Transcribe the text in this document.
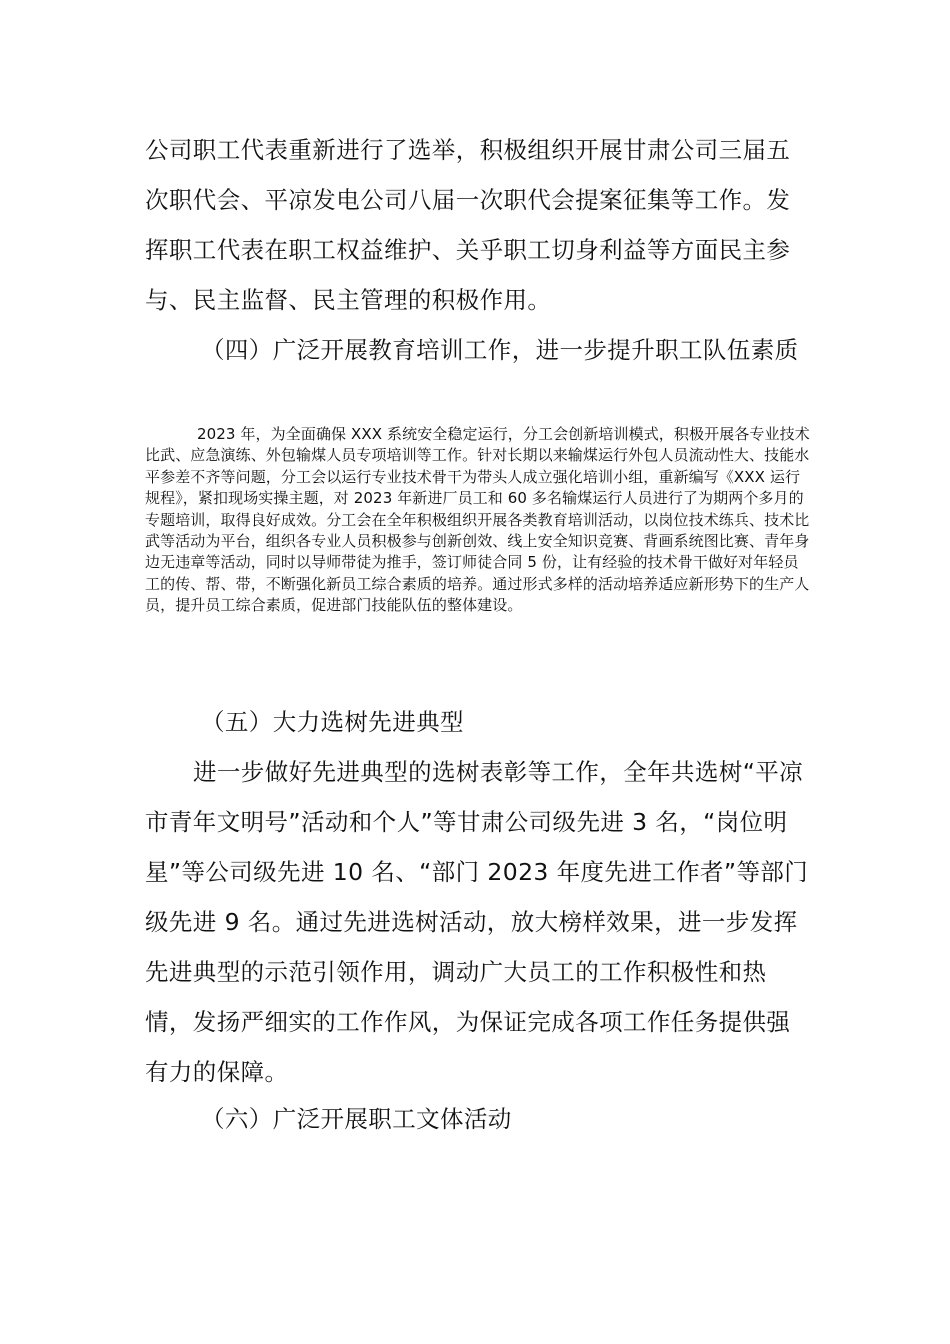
公司职工代表重新进行了选举，积极组织开展甘肃公司三届五次职代会、平凉发电公司八届一次职代会提案征集等工作。发挥职工代表在职工权益维护、关乎职工切身利益等方面民主参与、民主监督、民主管理的积极作用。

（四）广泛开展教育培训工作，进一步提升职工队伍素质

2023 年，为全面确保 XXX 系统安全稳定运行，分工会创新培训模式，积极开展各专业技术比武、应急演练、外包输煤人员专项培训等工作。针对长期以来输煤运行外包人员流动性大、技能水平参差不齐等问题，分工会以运行专业技术骨干为带头人成立强化培训小组，重新编写《XXX 运行规程》，紧扣现场实操主题，对 2023 年新进厂员工和 60 多名输煤运行人员进行了为期两个多月的专题培训，取得良好成效。分工会在全年积极组织开展各类教育培训活动，以岗位技术练兵、技术比武等活动为平台，组织各专业人员积极参与创新创效、线上安全知识竞赛、背画系统图比赛、青年身边无违章等活动，同时以导师带徒为推手，签订师徒合同 5 份，让有经验的技术骨干做好对年轻员工的传、帮、带，不断强化新员工综合素质的培养。通过形式多样的活动培养适应新形势下的生产人员，提升员工综合素质，促进部门技能队伍的整体建设。

（五）大力选树先进典型

进一步做好先进典型的选树表彰等工作，全年共选树“平凉市青年文明号”活动和个人”等甘肃公司级先进 3 名，“岗位明星”等公司级先进 10 名、“部门 2023 年度先进工作者”等部门级先进 9 名。通过先进选树活动，放大榜样效果，进一步发挥先进典型的示范引领作用，调动广大员工的工作积极性和热情，发扬严细实的工作作风，为保证完成各项工作任务提供强有力的保障。

（六）广泛开展职工文体活动
